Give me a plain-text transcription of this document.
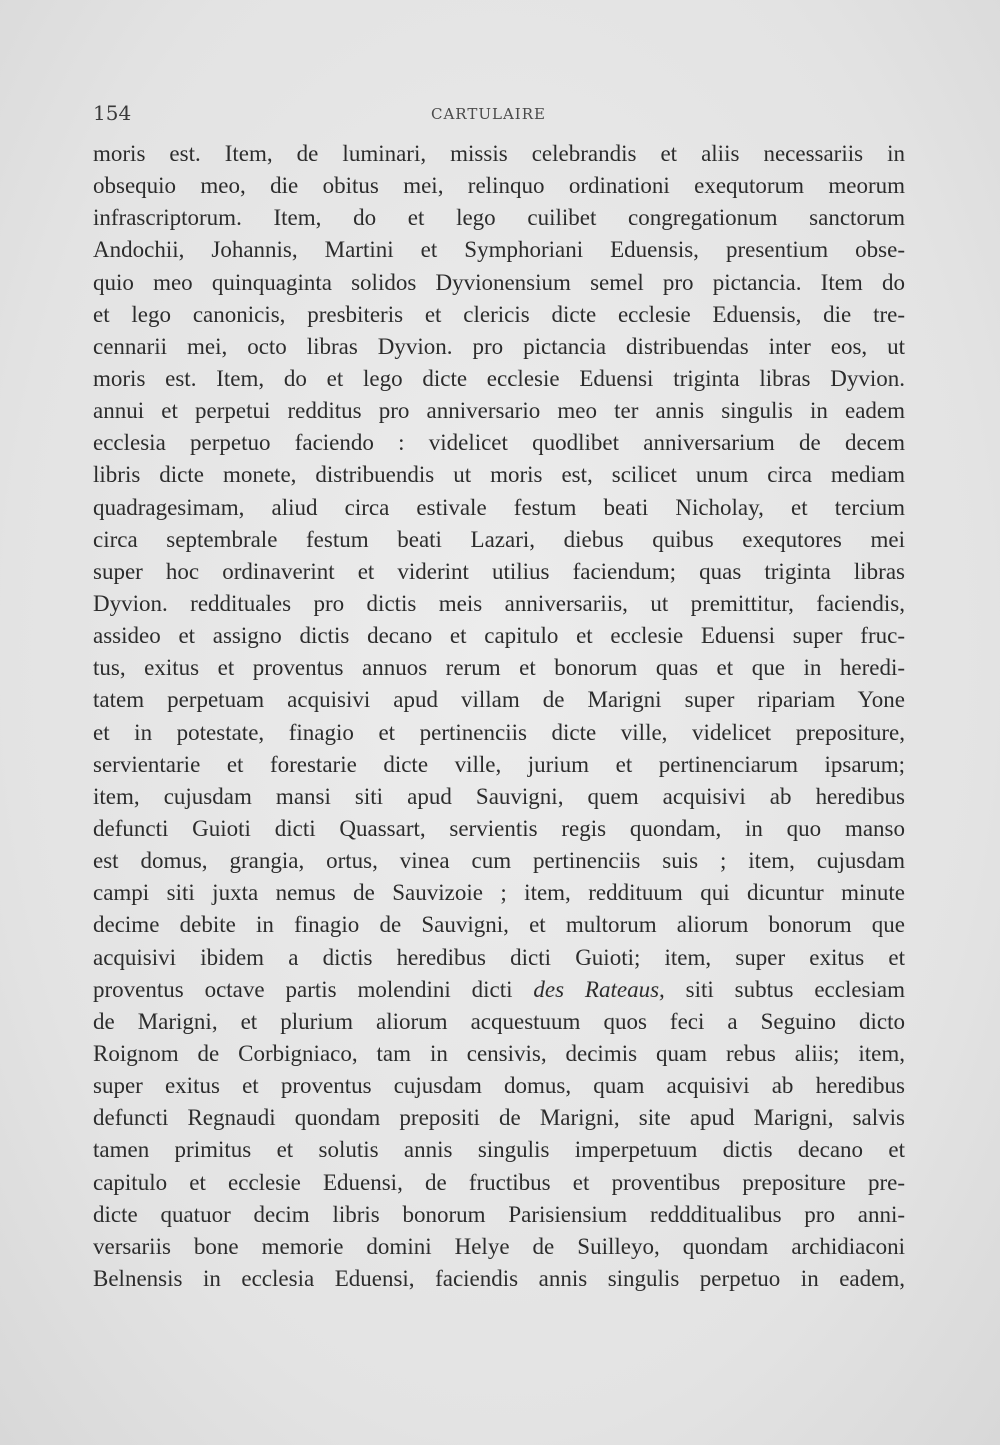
154	CARTULAIRE
moris est. Item, de luminari, missis celebrandis et aliis necessariis in
obsequio meo, die obitus mei, relinquo ordinationi exequtorum meorum
infrascriptorum. Item, do et lego cuilibet congregationum sanctorum
Andochii, Johannis, Martini et Symphoriani Eduensis, presentium obse-
quio meo quinquaginta solidos Dyvionensium semel pro pictancia. Item do
et lego canonicis, presbiteris et clericis dicte ecclesie Eduensis, die tre-
cennarii mei, octo libras Dyvion. pro pictancia distribuendas inter eos, ut
moris est. Item, do et lego dicte ecclesie Eduensi triginta libras Dyvion.
annui et perpetui redditus pro anniversario meo ter annis singulis in eadem
ecclesia perpetuo faciendo : videlicet quodlibet anniversarium de decem
libris dicte monete, distribuendis ut moris est, scilicet unum circa mediam
quadragesimam, aliud circa estivale festum beati Nicholay, et tercium
circa septembrale festum beati Lazari, diebus quibus exequtores mei
super hoc ordinaverint et viderint utilius faciendum; quas triginta libras
Dyvion. reddituales pro dictis meis anniversariis, ut premittitur, faciendis,
assideo et assigno dictis decano et capitulo et ecclesie Eduensi super fruc-
tus, exitus et proventus annuos rerum et bonorum quas et que in heredi-
tatem perpetuam acquisivi apud villam de Marigni super ripariam Yone
et in potestate, finagio et pertinenciis dicte ville, videlicet prepositure,
servientarie et forestarie dicte ville, jurium et pertinenciarum ipsarum;
item, cujusdam mansi siti apud Sauvigni, quem acquisivi ab heredibus
defuncti Guioti dicti Quassart, servientis regis quondam, in quo manso
est domus, grangia, ortus, vinea cum pertinenciis suis ; item, cujusdam
campi siti juxta nemus de Sauvizoie ; item, reddituum qui dicuntur minute
decime debite in finagio de Sauvigni, et multorum aliorum bonorum que
acquisivi ibidem a dictis heredibus dicti Guioti; item, super exitus et
proventus octave partis molendini dicti des Rateaus, siti subtus ecclesiam
de Marigni, et plurium aliorum acquestuum quos feci a Seguino dicto
Roignom de Corbigniaco, tam in censivis, decimis quam rebus aliis; item,
super exitus et proventus cujusdam domus, quam acquisivi ab heredibus
defuncti Regnaudi quondam prepositi de Marigni, site apud Marigni, salvis
tamen primitus et solutis annis singulis imperpetuum dictis decano et
capitulo et ecclesie Eduensi, de fructibus et proventibus prepositure pre-
dicte quatuor decim libris bonorum Parisiensium reddditualibus pro anni-
versariis bone memorie domini Helye de Suilleyo, quondam archidiaconi
Belnensis in ecclesia Eduensi, faciendis annis singulis perpetuo in eadem,
